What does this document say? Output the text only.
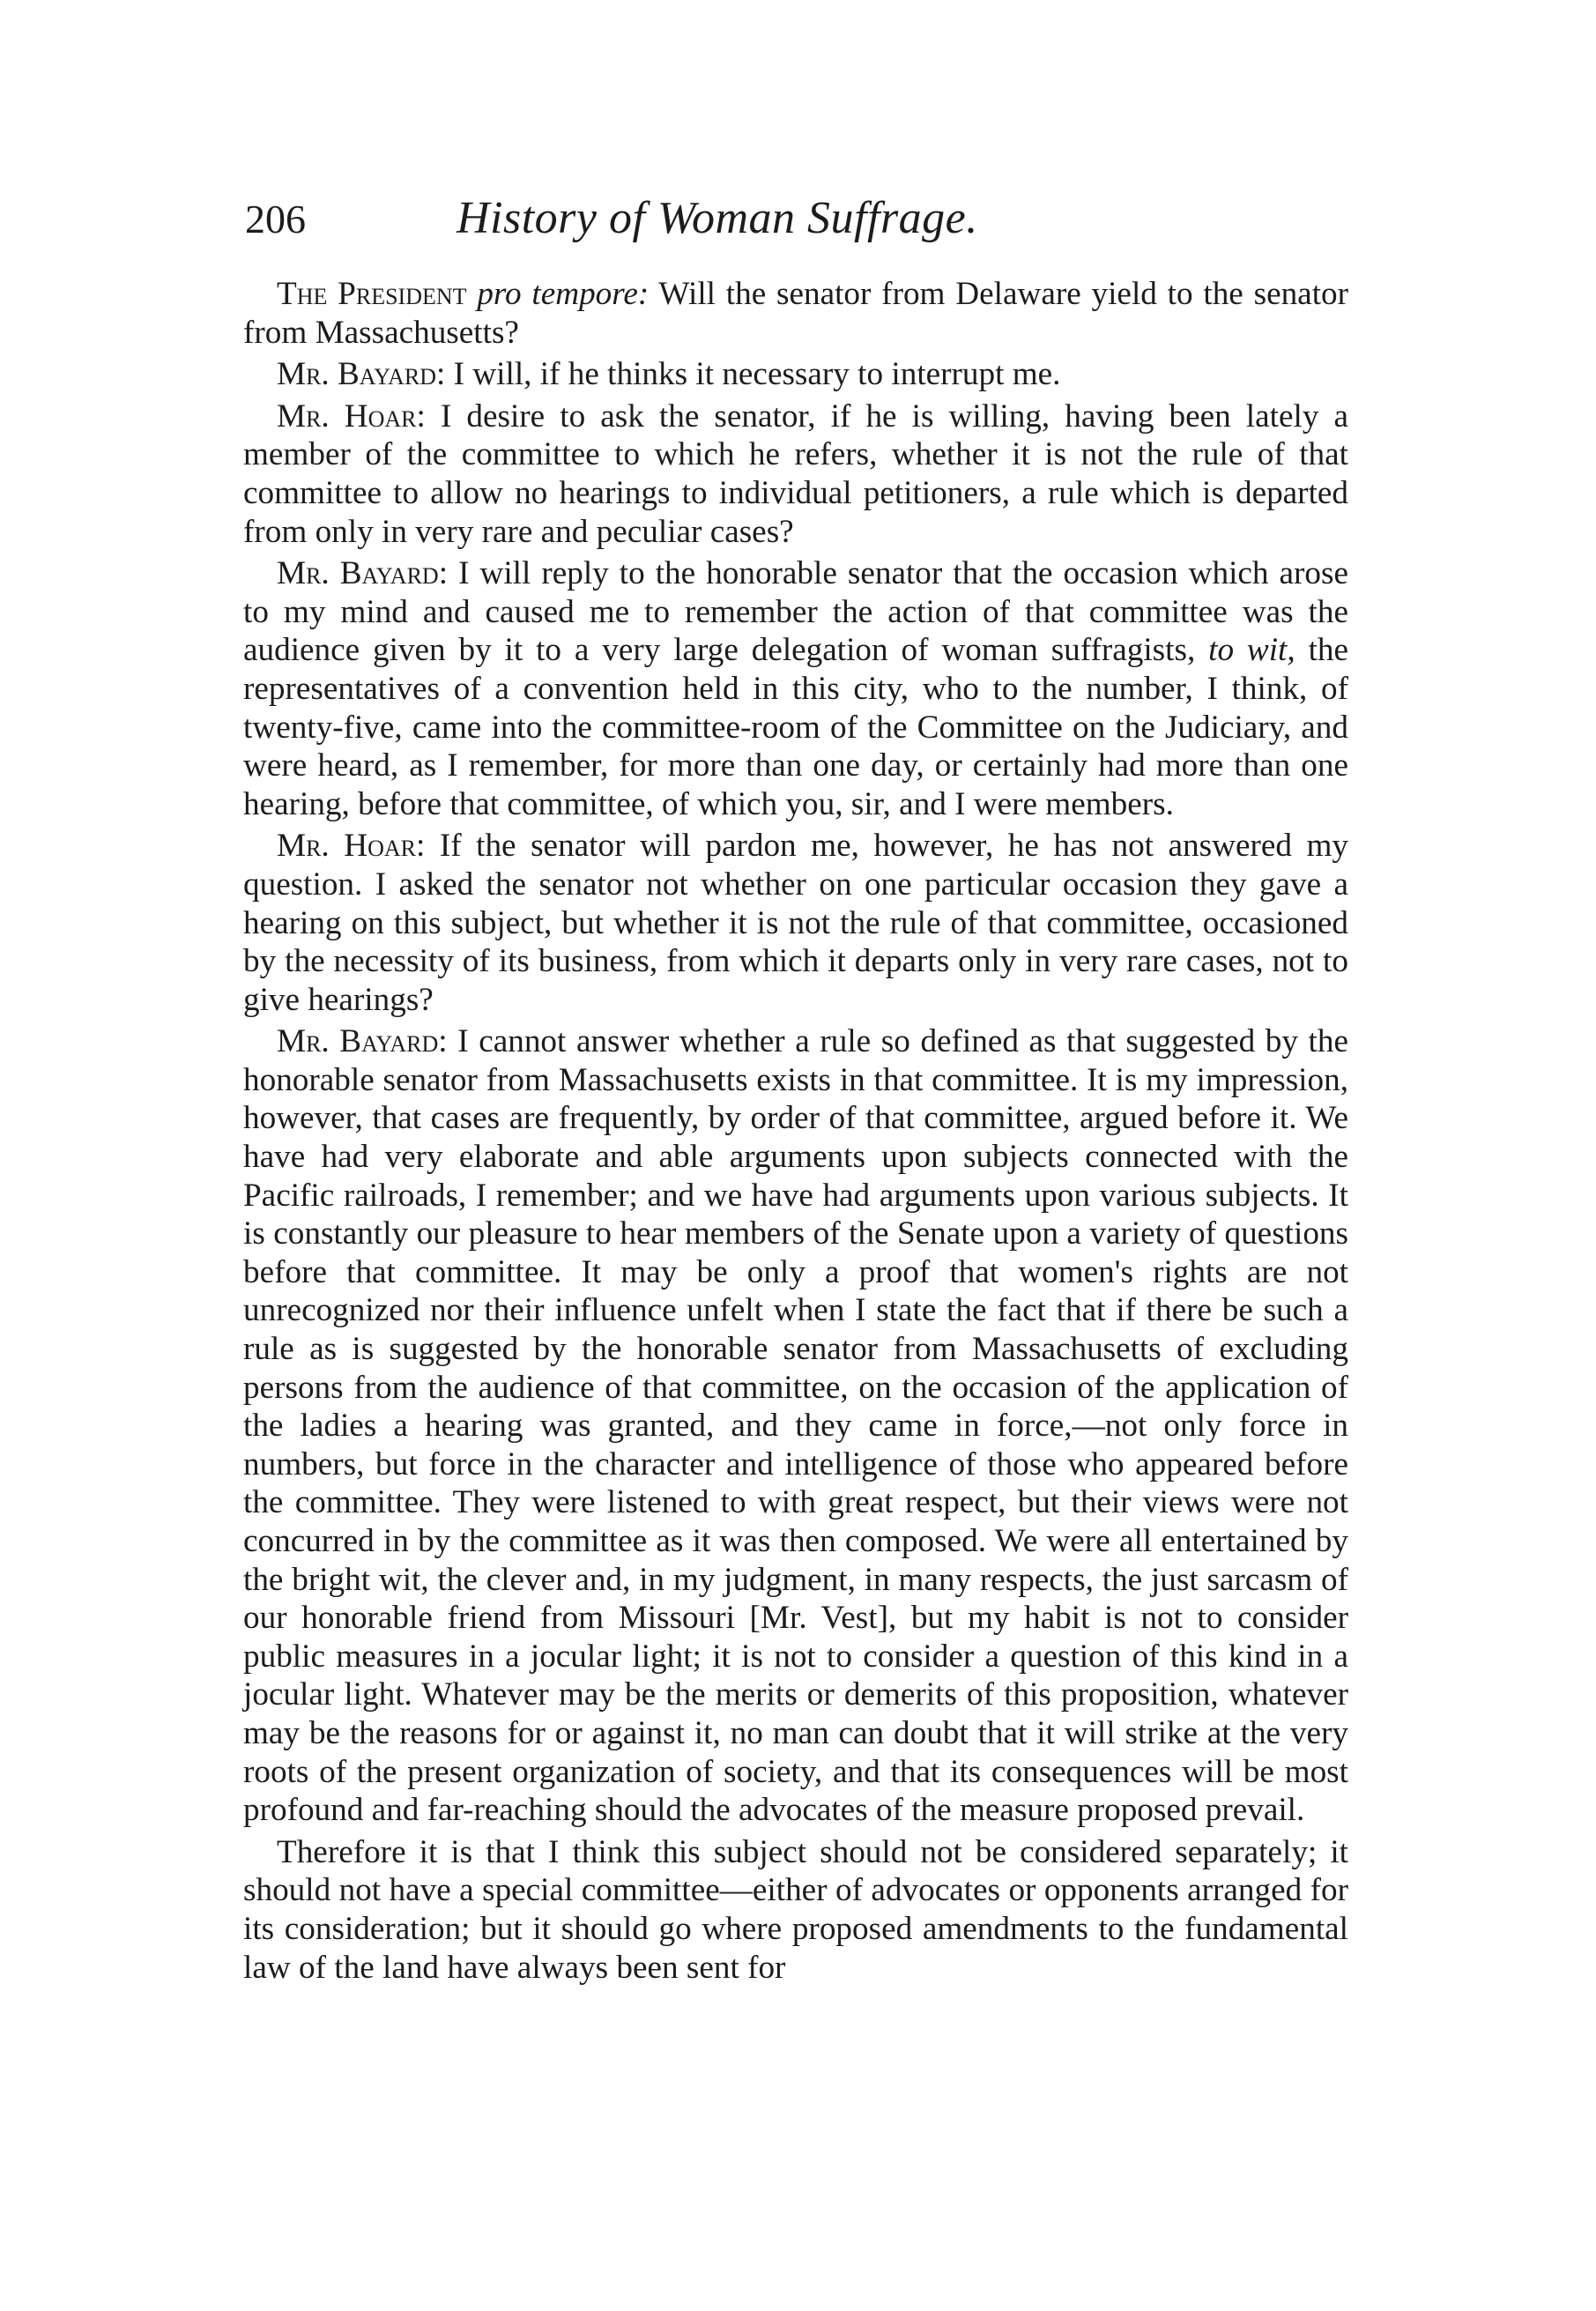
206	History of Woman Suffrage.

The President pro tempore: Will the senator from Delaware yield to the senator from Massachusetts?

Mr. Bayard: I will, if he thinks it necessary to interrupt me.

Mr. Hoar: I desire to ask the senator, if he is willing, having been lately a member of the committee to which he refers, whether it is not the rule of that committee to allow no hearings to individual petitioners, a rule which is departed from only in very rare and peculiar cases?

Mr. Bayard: I will reply to the honorable senator that the occasion which arose to my mind and caused me to remember the action of that committee was the audience given by it to a very large delegation of woman suffragists, to wit, the representatives of a convention held in this city, who to the number, I think, of twenty-five, came into the committee-room of the Committee on the Judiciary, and were heard, as I remember, for more than one day, or certainly had more than one hearing, before that committee, of which you, sir, and I were members.

Mr. Hoar: If the senator will pardon me, however, he has not answered my question. I asked the senator not whether on one particular occasion they gave a hearing on this subject, but whether it is not the rule of that committee, occasioned by the necessity of its business, from which it departs only in very rare cases, not to give hearings?

Mr. Bayard: I cannot answer whether a rule so defined as that suggested by the honorable senator from Massachusetts exists in that committee. It is my impression, however, that cases are frequently, by order of that committee, argued before it. We have had very elaborate and able arguments upon subjects connected with the Pacific railroads, I remember; and we have had arguments upon various subjects. It is constantly our pleasure to hear members of the Senate upon a variety of questions before that committee. It may be only a proof that women's rights are not unrecognized nor their influence unfelt when I state the fact that if there be such a rule as is suggested by the honorable senator from Massachusetts of excluding persons from the audience of that committee, on the occasion of the application of the ladies a hearing was granted, and they came in force,—not only force in numbers, but force in the character and intelligence of those who appeared before the committee. They were listened to with great respect, but their views were not concurred in by the committee as it was then composed. We were all entertained by the bright wit, the clever and, in my judgment, in many respects, the just sarcasm of our honorable friend from Missouri [Mr. Vest], but my habit is not to consider public measures in a jocular light; it is not to consider a question of this kind in a jocular light. Whatever may be the merits or demerits of this proposition, whatever may be the reasons for or against it, no man can doubt that it will strike at the very roots of the present organization of society, and that its consequences will be most profound and far-reaching should the advocates of the measure proposed prevail.

Therefore it is that I think this subject should not be considered separately; it should not have a special committee—either of advocates or opponents arranged for its consideration; but it should go where proposed amendments to the fundamental law of the land have always been sent for
